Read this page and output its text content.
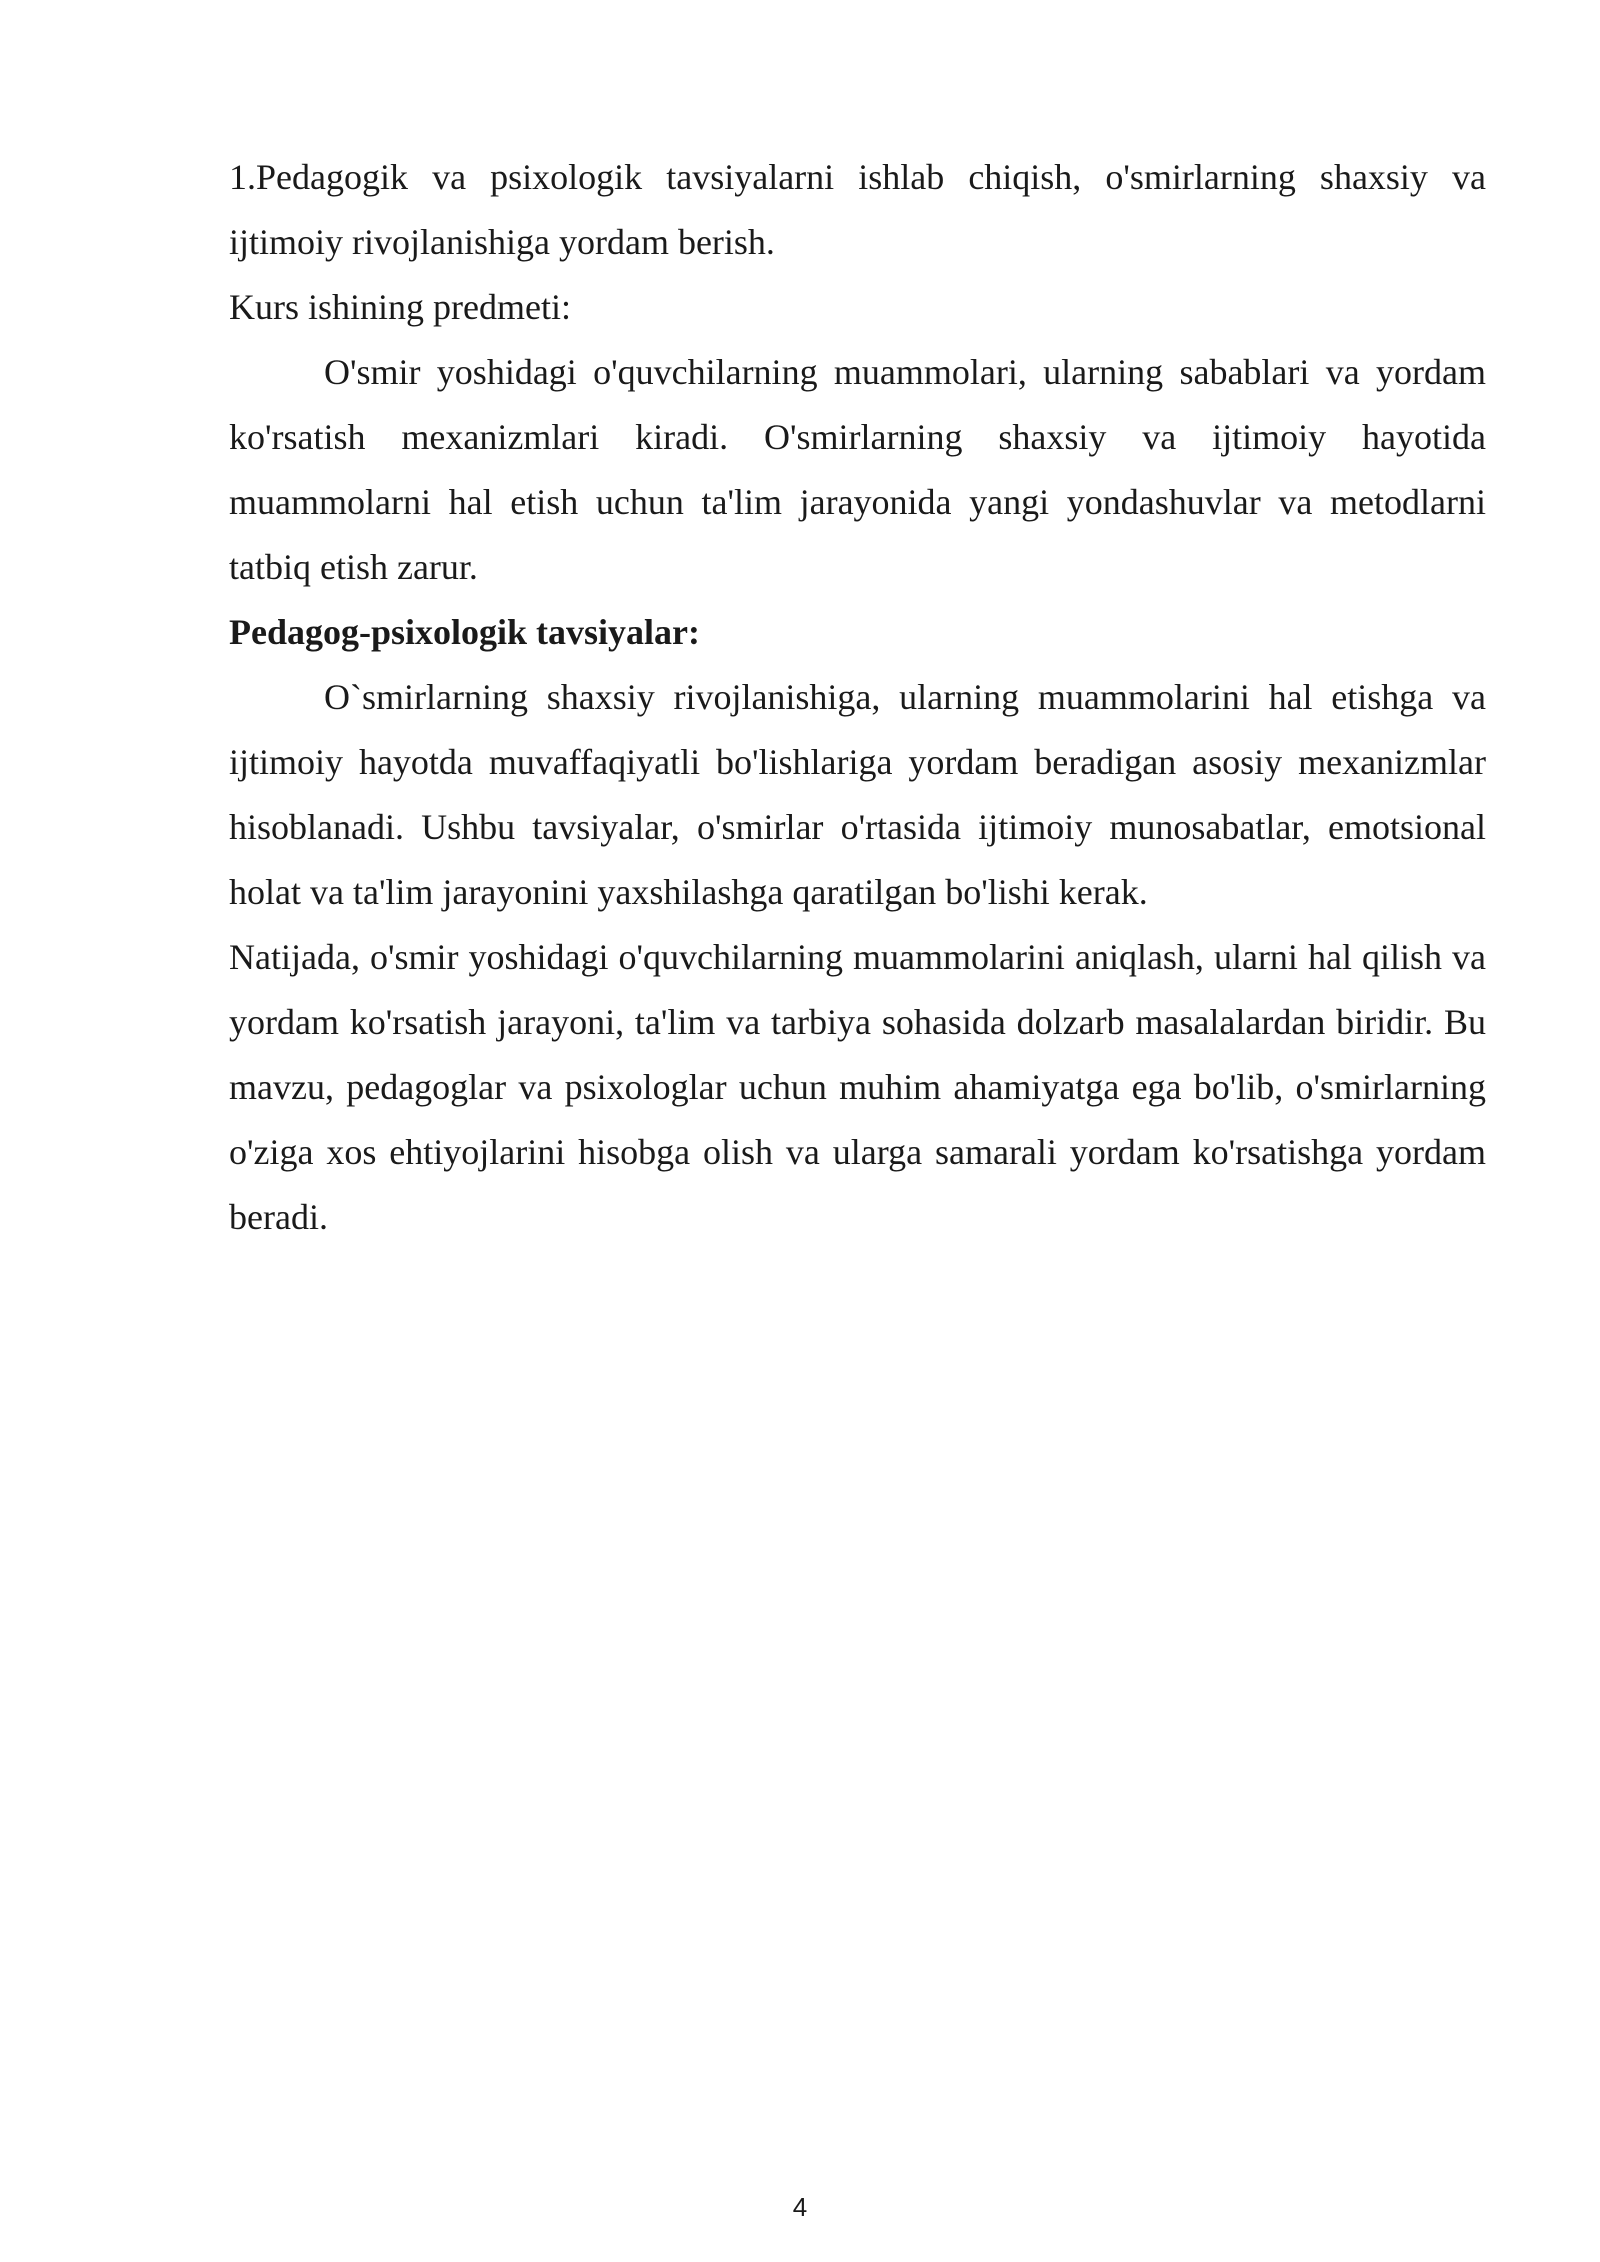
1.Pedagogik va psixologik tavsiyalarni ishlab chiqish, o'smirlarning shaxsiy va ijtimoiy rivojlanishiga yordam berish.

Kurs ishining predmeti:

O'smir yoshidagi o'quvchilarning muammolari, ularning sabablari va yordam ko'rsatish mexanizmlari kiradi. O'smirlarning shaxsiy va ijtimoiy hayotida muammolarni hal etish uchun ta'lim jarayonida yangi yondashuvlar va metodlarni tatbiq etish zarur.

Pedagog-psixologik tavsiyalar:

O`smirlarning shaxsiy rivojlanishiga, ularning muammolarini hal etishga va ijtimoiy hayotda muvaffaqiyatli bo'lishlariga yordam beradigan asosiy mexanizmlar hisoblanadi. Ushbu tavsiyalar, o'smirlar o'rtasida ijtimoiy munosabatlar, emotsional holat va ta'lim jarayonini yaxshilashga qaratilgan bo'lishi kerak.

Natijada, o'smir yoshidagi o'quvchilarning muammolarini aniqlash, ularni hal qilish va yordam ko'rsatish jarayoni, ta'lim va tarbiya sohasida dolzarb masalalardan biridir. Bu mavzu, pedagoglar va psixologlar uchun muhim ahamiyatga ega bo'lib, o'smirlarning o'ziga xos ehtiyojlarini hisobga olish va ularga samarali yordam ko'rsatishga yordam beradi.

4
